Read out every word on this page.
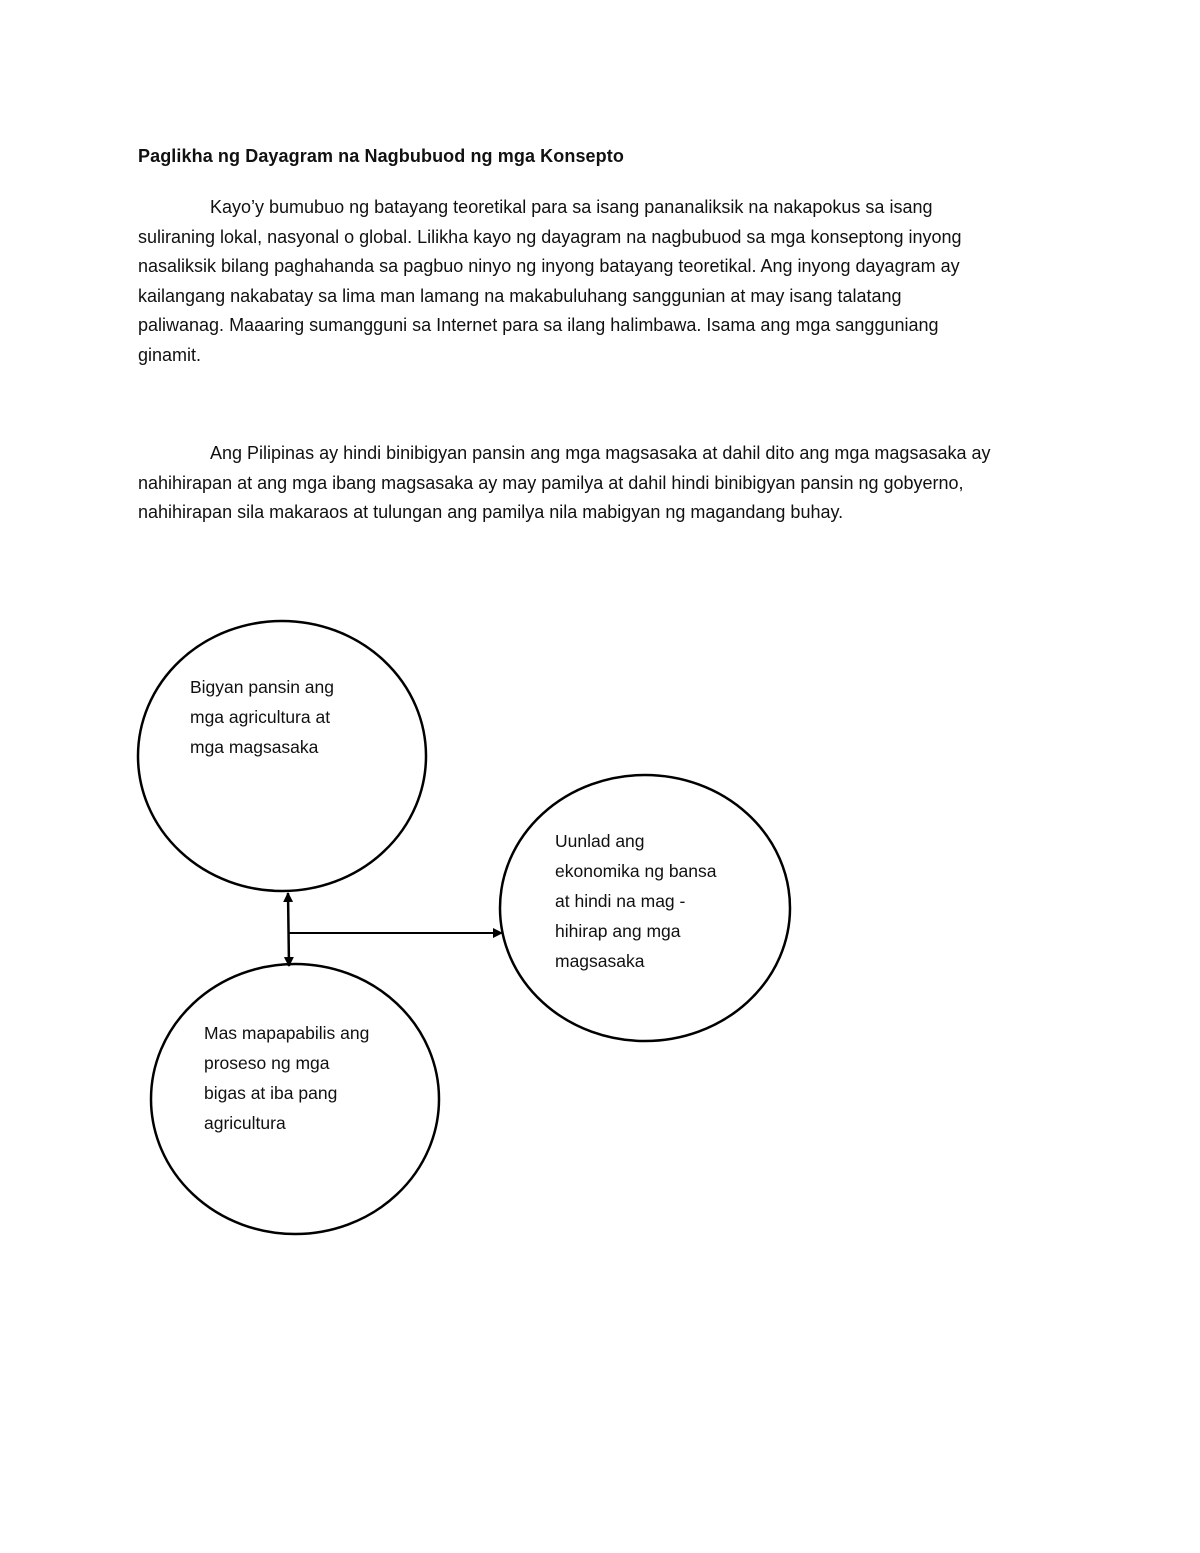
Paglikha ng Dayagram na Nagbubuod ng mga Konsepto
Kayo’y bumubuo ng batayang teoretikal para sa isang pananaliksik na nakapokus sa isang
suliraning lokal, nasyonal o global. Lilikha kayo ng dayagram na nagbubuod sa mga konseptong inyong
nasaliksik bilang paghahanda sa pagbuo ninyo ng inyong batayang teoretikal. Ang inyong dayagram ay
kailangang nakabatay sa lima man lamang na makabuluhang sanggunian at may isang talatang
paliwanag. Maaaring sumangguni sa Internet para sa ilang halimbawa. Isama ang mga sangguniang
ginamit.
Ang Pilipinas ay hindi binibigyan pansin ang mga magsasaka at dahil dito ang mga magsasaka ay
nahihirapan at ang mga ibang magsasaka ay may pamilya at dahil hindi binibigyan pansin ng gobyerno,
nahihirapan sila makaraos at tulungan ang pamilya nila mabigyan ng magandang buhay.
Bigyan pansin ang
mga agricultura at
mga magsasaka
Uunlad ang
ekonomika ng bansa
at hindi na mag -
hihirap ang mga
magsasaka
Mas mapapabilis ang
proseso ng mga
bigas at iba pang
agricultura
